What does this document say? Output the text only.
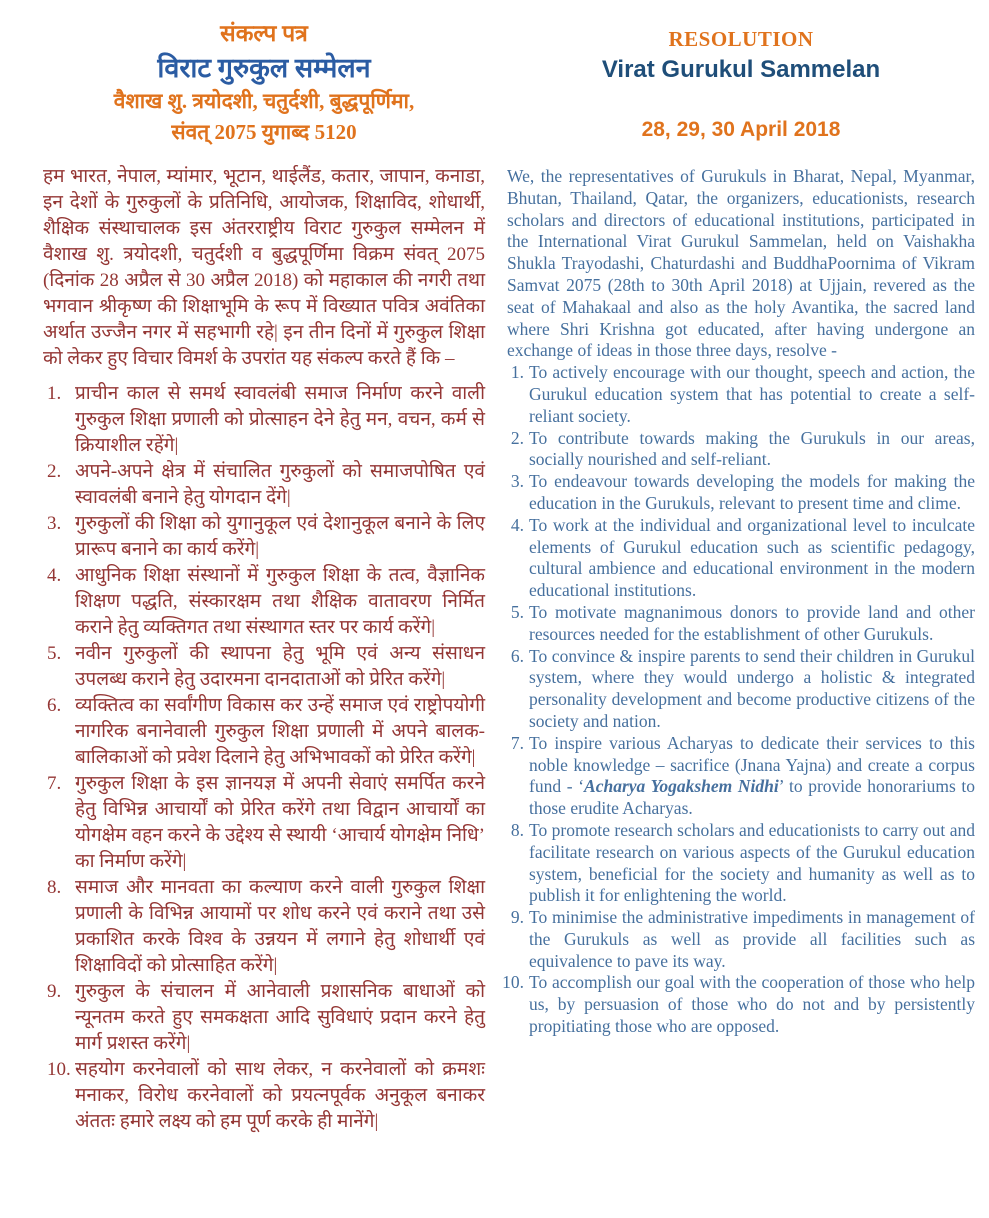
संकल्प पत्र
विराट गुरुकुल सम्मेलन
वैशाख शु. त्रयोदशी, चतुर्दशी, बुद्धपूर्णिमा,
संवत् 2075 युगाब्द 5120
हम भारत, नेपाल, म्यांमार, भूटान, थाईलैंड, कतार, जापान, कनाडा, इन देशों के गुरुकुलों के प्रतिनिधि, आयोजक, शिक्षाविद, शोधार्थी, शैक्षिक संस्थाचालक इस अंतरराष्ट्रीय विराट गुरुकुल सम्मेलन में वैशाख शु. त्रयोदशी, चतुर्दशी व बुद्धपूर्णिमा विक्रम संवत् 2075 (दिनांक 28 अप्रैल से 30 अप्रैल 2018) को महाकाल की नगरी तथा भगवान श्रीकृष्ण की शिक्षाभूमि के रूप में विख्यात पवित्र अवंतिका अर्थात उज्जैन नगर में सहभागी रहे| इन तीन दिनों में गुरुकुल शिक्षा को लेकर हुए विचार विमर्श के उपरांत यह संकल्प करते हैं कि –
1. प्राचीन काल से समर्थ स्वावलंबी समाज निर्माण करने वाली गुरुकुल शिक्षा प्रणाली को प्रोत्साहन देने हेतु मन, वचन, कर्म से क्रियाशील रहेंगे|
2. अपने-अपने क्षेत्र में संचालित गुरुकुलों को समाजपोषित एवं स्वावलंबी बनाने हेतु योगदान देंगे|
3. गुरुकुलों की शिक्षा को युगानुकूल एवं देशानुकूल बनाने के लिए प्रारूप बनाने का कार्य करेंगे|
4. आधुनिक शिक्षा संस्थानों में गुरुकुल शिक्षा के तत्व, वैज्ञानिक शिक्षण पद्धति, संस्कारक्षम तथा शैक्षिक वातावरण निर्मित कराने हेतु व्यक्तिगत तथा संस्थागत स्तर पर कार्य करेंगे|
5. नवीन गुरुकुलों की स्थापना हेतु भूमि एवं अन्य संसाधन उपलब्ध कराने हेतु उदारमना दानदाताओं को प्रेरित करेंगे|
6. व्यक्तित्व का सर्वांगीण विकास कर उन्हें समाज एवं राष्ट्रोपयोगी नागरिक बनानेवाली गुरुकुल शिक्षा प्रणाली में अपने बालक-बालिकाओं को प्रवेश दिलाने हेतु अभिभावकों को प्रेरित करेंगे|
7. गुरुकुल शिक्षा के इस ज्ञानयज्ञ में अपनी सेवाएं समर्पित करने हेतु विभिन्न आचार्यों को प्रेरित करेंगे तथा विद्वान आचार्यों का योगक्षेम वहन करने के उद्देश्य से स्थायी ‘आचार्य योगक्षेम निधि’ का निर्माण करेंगे|
8. समाज और मानवता का कल्याण करने वाली गुरुकुल शिक्षा प्रणाली के विभिन्न आयामों पर शोध करने एवं कराने तथा उसे प्रकाशित करके विश्व के उन्नयन में लगाने हेतु शोधार्थी एवं शिक्षाविदों को प्रोत्साहित करेंगे|
9. गुरुकुल के संचालन में आनेवाली प्रशासनिक बाधाओं को न्यूनतम करते हुए समकक्षता आदि सुविधाएं प्रदान करने हेतु मार्ग प्रशस्त करेंगे|
10. सहयोग करनेवालों को साथ लेकर, न करनेवालों को क्रमशः मनाकर, विरोध करनेवालों को प्रयत्नपूर्वक अनुकूल बनाकर अंततः हमारे लक्ष्य को हम पूर्ण करके ही मानेंगे|
RESOLUTION
Virat Gurukul Sammelan
28, 29, 30 April 2018
We, the representatives of Gurukuls in Bharat, Nepal, Myanmar, Bhutan, Thailand, Qatar, the organizers, educationists, research scholars and directors of educational institutions, participated in the International Virat Gurukul Sammelan, held on Vaishakha Shukla Trayodashi, Chaturdashi and BuddhaPoornima of Vikram Samvat 2075 (28th to 30th April 2018) at Ujjain, revered as the seat of Mahakaal and also as the holy Avantika, the sacred land where Shri Krishna got educated, after having undergone an exchange of ideas in those three days, resolve -
1. To actively encourage with our thought, speech and action, the Gurukul education system that has potential to create a self-reliant society.
2. To contribute towards making the Gurukuls in our areas, socially nourished and self-reliant.
3. To endeavour towards developing the models for making the education in the Gurukuls, relevant to present time and clime.
4. To work at the individual and organizational level to inculcate elements of Gurukul education such as scientific pedagogy, cultural ambience and educational environment in the modern educational institutions.
5. To motivate magnanimous donors to provide land and other resources needed for the establishment of other Gurukuls.
6. To convince & inspire parents to send their children in Gurukul system, where they would undergo a holistic & integrated personality development and become productive citizens of the society and nation.
7. To inspire various Acharyas to dedicate their services to this noble knowledge – sacrifice (Jnana Yajna) and create a corpus fund - ‘Acharya Yogakshem Nidhi’ to provide honorariums to those erudite Acharyas.
8. To promote research scholars and educationists to carry out and facilitate research on various aspects of the Gurukul education system, beneficial for the society and humanity as well as to publish it for enlightening the world.
9. To minimise the administrative impediments in management of the Gurukuls as well as provide all facilities such as equivalence to pave its way.
10. To accomplish our goal with the cooperation of those who help us, by persuasion of those who do not and by persistently propitiating those who are opposed.
